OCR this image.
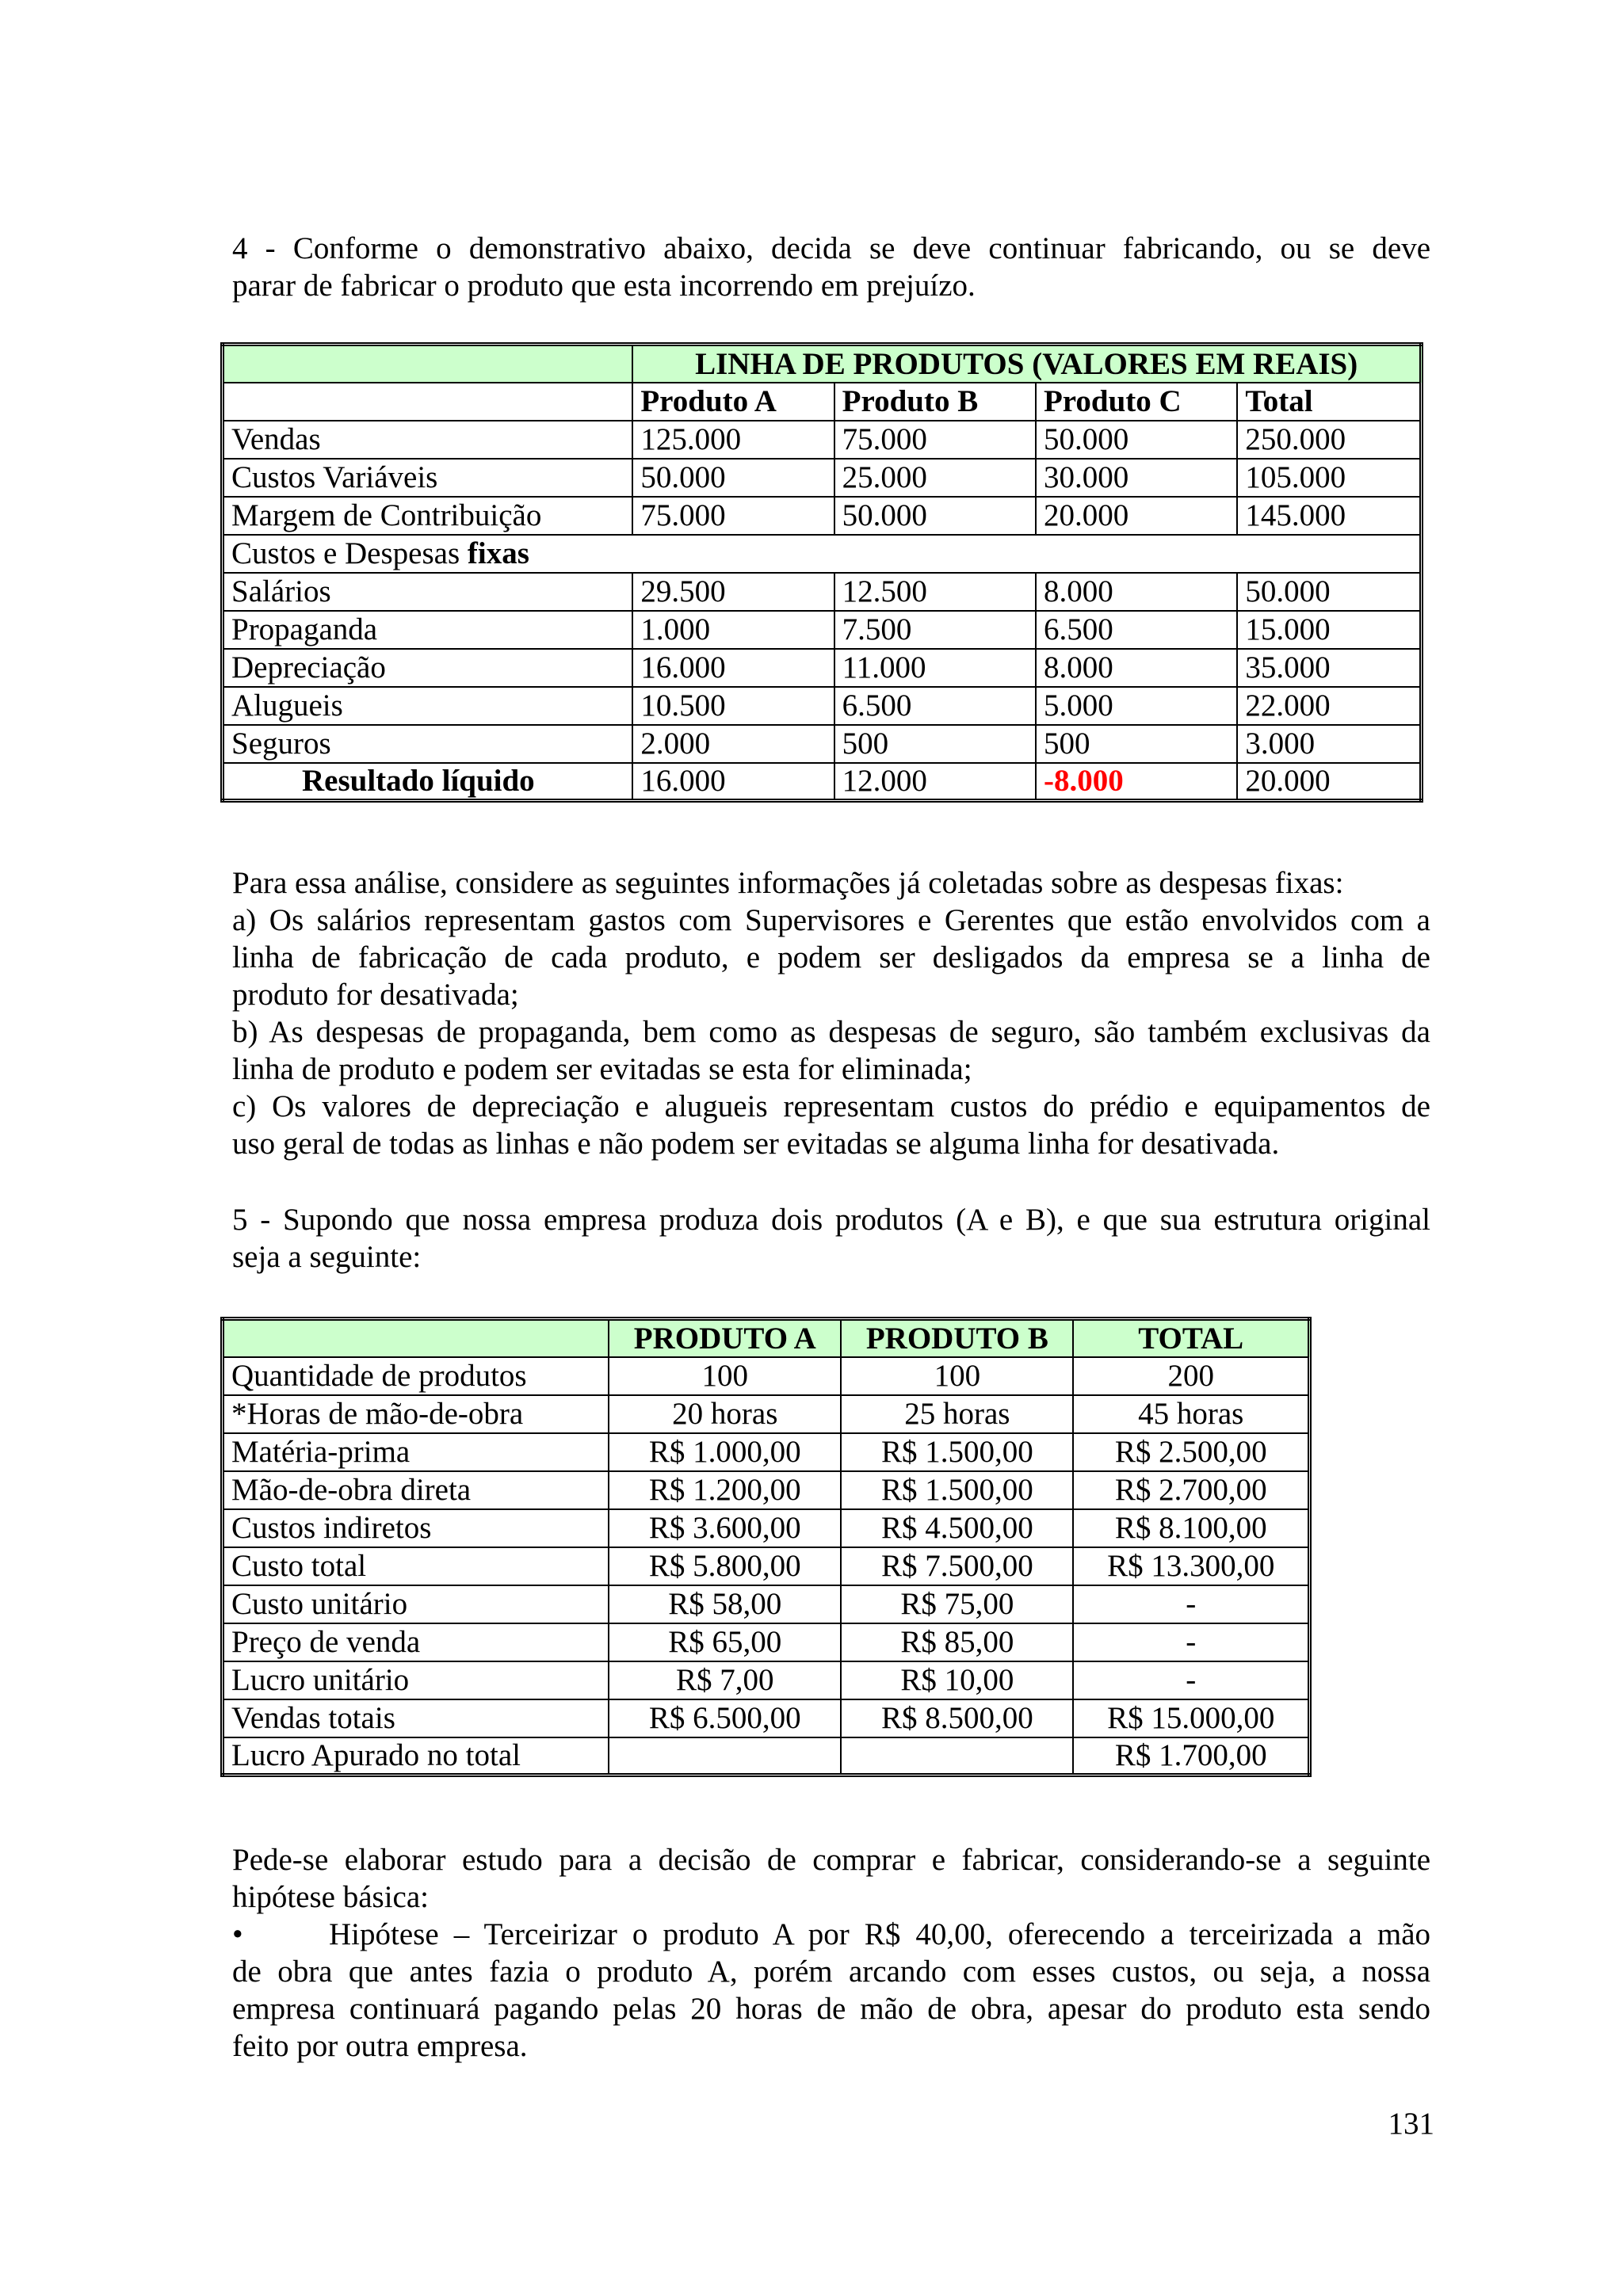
4 - Conforme o demonstrativo abaixo, decida se deve continuar fabricando, ou se deve
parar de fabricar o produto que esta incorrendo em prejuízo.
	LINHA DE PRODUTOS (VALORES EM REAIS)			
	Produto A	Produto B	Produto C	Total
Vendas	125.000	75.000	50.000	250.000
Custos Variáveis	50.000	25.000	30.000	105.000
Margem de Contribuição	75.000	50.000	20.000	145.000
Custos e Despesas fixas				
Salários	29.500	12.500	8.000	50.000
Propaganda	1.000	7.500	6.500	15.000
Depreciação	16.000	11.000	8.000	35.000
Alugueis	10.500	6.500	5.000	22.000
Seguros	2.000	500	500	3.000
Resultado líquido	16.000	12.000	-8.000	20.000
Para essa análise, considere as seguintes informações já coletadas sobre as despesas fixas:
a) Os salários representam gastos com Supervisores e Gerentes que estão envolvidos com a
linha de fabricação de cada produto, e podem ser desligados da empresa se a linha de
produto for desativada;
b) As despesas de propaganda, bem como as despesas de seguro, são também exclusivas da
linha de produto e podem ser evitadas se esta for eliminada;
c) Os valores de depreciação e alugueis representam custos do prédio e equipamentos de
uso geral de todas as linhas e não podem ser evitadas se alguma linha for desativada.
5 - Supondo que nossa empresa produza dois produtos (A e B), e que sua estrutura original
seja a seguinte:
	PRODUTO A	PRODUTO B	TOTAL
Quantidade de produtos	100	100	200
*Horas de mão-de-obra	20 horas	25 horas	45 horas
Matéria-prima	R$ 1.000,00	R$ 1.500,00	R$ 2.500,00
Mão-de-obra direta	R$ 1.200,00	R$ 1.500,00	R$ 2.700,00
Custos indiretos	R$ 3.600,00	R$ 4.500,00	R$ 8.100,00
Custo total	R$ 5.800,00	R$ 7.500,00	R$ 13.300,00
Custo unitário	R$ 58,00	R$ 75,00	-
Preço de venda	R$ 65,00	R$ 85,00	-
Lucro unitário	R$ 7,00	R$ 10,00	-
Vendas totais	R$ 6.500,00	R$ 8.500,00	R$ 15.000,00
Lucro Apurado no total			R$ 1.700,00
Pede-se elaborar estudo para a decisão de comprar e fabricar, considerando-se a seguinte
hipótese básica:
•	Hipótese – Terceirizar o produto A por R$ 40,00, oferecendo a terceirizada a mão
de obra que antes fazia o produto A, porém arcando com esses custos, ou seja, a nossa
empresa continuará pagando pelas 20 horas de mão de obra, apesar do produto esta sendo
feito por outra empresa.
131
